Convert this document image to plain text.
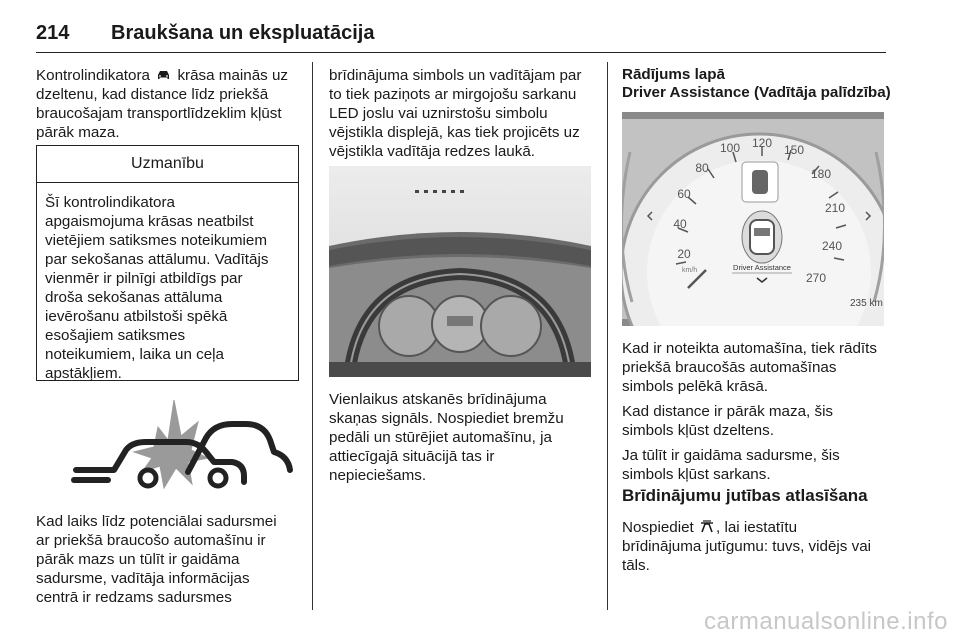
214 Braukšana un ekspluatācija

Kontrolindikatora krāsa mainās uz

dzeltenu, kad distance līdz priekšā

braucošajam transportlīdzeklim kļūst

pārāk maza.

Uzmanību

Šī kontrolindikatora

apgaismojuma krāsas neatbilst

vietējiem satiksmes noteikumiem

par sekošanas attālumu. Vadītājs

vienmēr ir pilnīgi atbildīgs par

droša sekošanas attāluma

ievērošanu atbilstoši spēkā

esošajiem satiksmes

noteikumiem, laika un ceļa

apstākļiem.

Kad laiks līdz potenciālai sadursmei

ar priekšā braucošo automašīnu ir

pārāk mazs un tūlīt ir gaidāma

sadursme, vadītāja informācijas

centrā ir redzams sadursmes

brīdinājuma simbols un vadītājam par

to tiek paziņots ar mirgojošu sarkanu

LED joslu vai uznirstošu simbolu

vējstikla displejā, kas tiek projicēts uz

vējstikla vadītāja redzes laukā.

Vienlaikus atskanēs brīdinājuma

skaņas signāls. Nospiediet bremžu

pedāli un stūrējiet automašīnu, ja

attiecīgajā situācijā tas ir

nepieciešams.

Rādījums lapā
Driver Assistance (Vadītāja palīdzība)
20
40
60
80
100 120 150
180
210
240
270
km/h	Driver Assistance
235 km

Kad ir noteikta automašīna, tiek rādīts

priekšā braucošās automašīnas

simbols pelēkā krāsā.

Kad distance ir pārāk maza, šis

simbols kļūst dzeltens.

Ja tūlīt ir gaidāma sadursme, šis

simbols kļūst sarkans.

Brīdinājumu jutības atlasīšana

Nospiediet , lai iestatītu

brīdinājuma jutīgumu: tuvs, vidējs vai

tāls.

carmanualsonline.info
